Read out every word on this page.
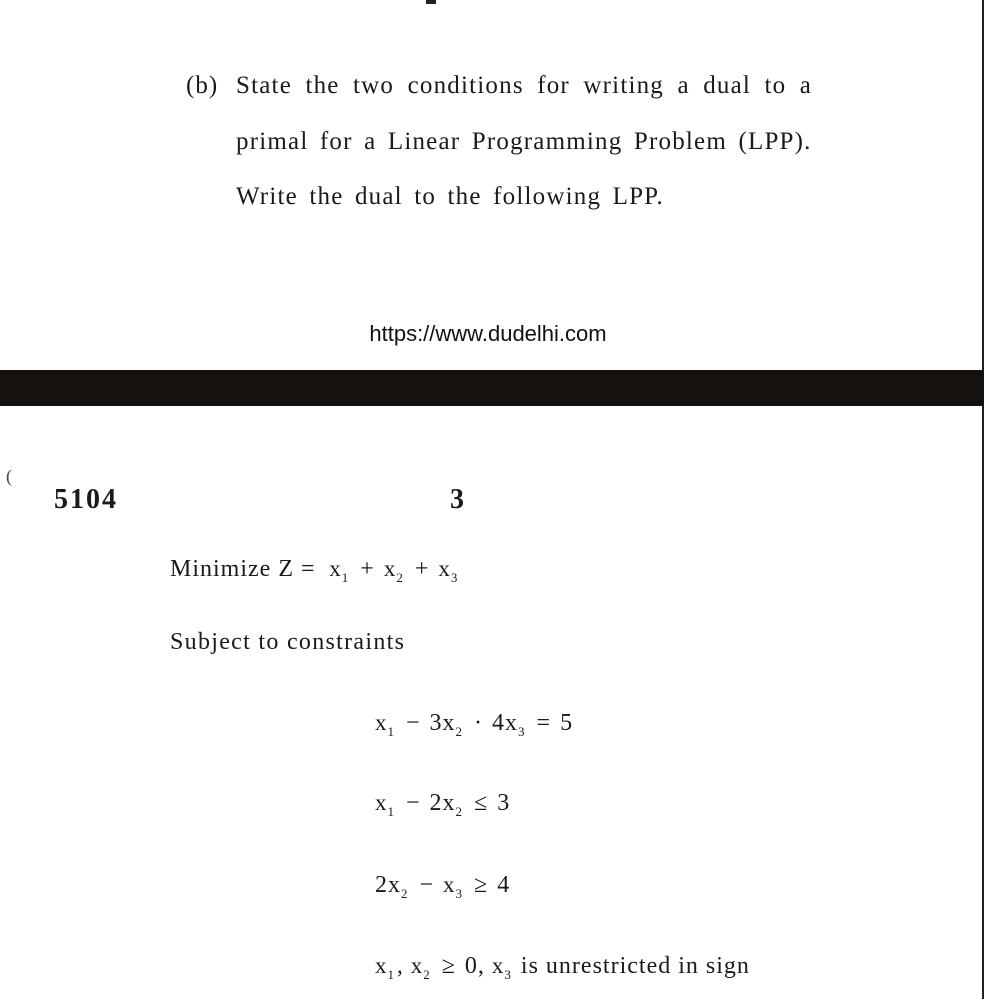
(b) State the two conditions for writing a dual to a
primal for a Linear Programming Problem (LPP).
Write the dual to the following LPP.
https://www.dudelhi.com
(
5104	3
Minimize $Z = x_1 + x_2 + x_3$
Subject to constraints
$x_1 - 3x_2 \cdot 4x_3 = 5$
$x_1 - 2x_2 \le 3$
$2x_2 - x_3 \ge 4$
$x_1$, $x_2 \ge 0$, $x_3$ is unrestricted in sign
